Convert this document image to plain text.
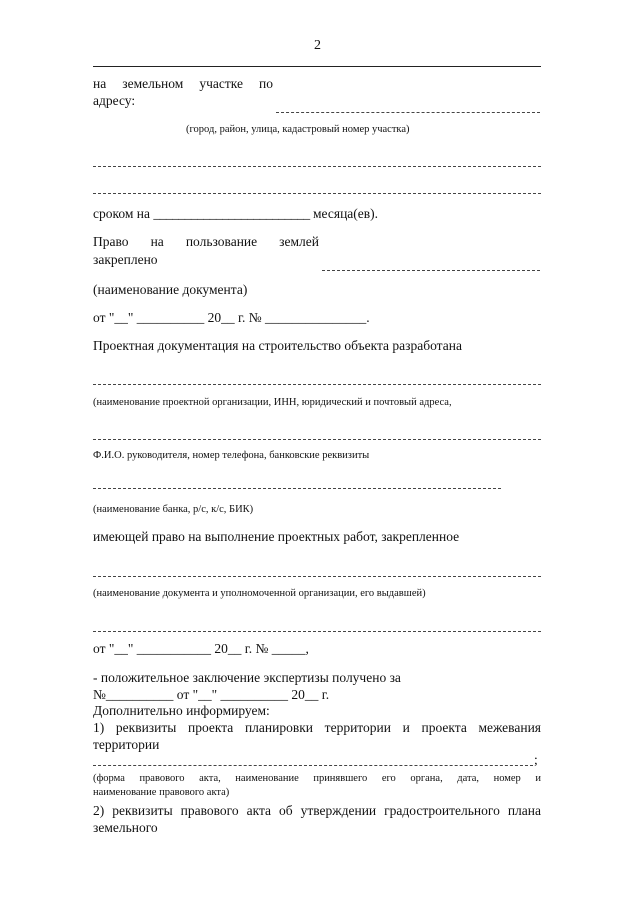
2
на земельном участке по
адресу:
(город, район, улица, кадастровый номер участка)
сроком на _________________________ месяца(ев).
Право на пользование землей
закреплено
(наименование документа)
от "__" __________ 20__ г. № _______________.
Проектная документация на строительство объекта разработана
(наименование проектной организации, ИНН, юридический и почтовый адреса,
Ф.И.О. руководителя, номер телефона, банковские реквизиты
(наименование банка, р/с, к/с, БИК)
имеющей право на выполнение проектных работ, закрепленное
(наименование документа и уполномоченной организации, его выдавшей)
от "__" ___________ 20__ г. № _____,
- положительное заключение экспертизы получено за
№__________ от "__" __________ 20__ г.
Дополнительно информируем:
1) реквизиты проекта планировки территории и проекта межевания
территории
;
(форма правового акта, наименование принявшего его органа, дата, номер и
наименование правового акта)
2) реквизиты правового акта об утверждении градостроительного плана
земельного
